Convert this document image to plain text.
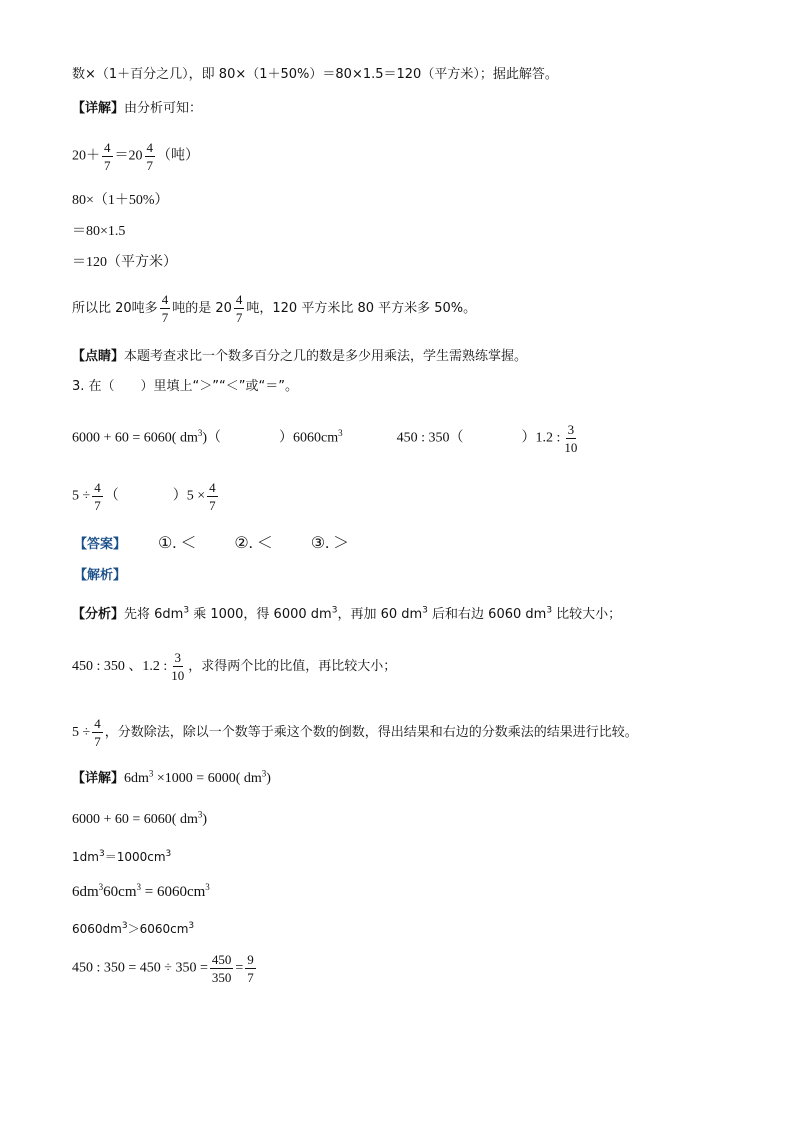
数×（1＋百分之几），即 80×（1＋50%）＝80×1.5＝120（平方米）；据此解答。
【详解】由分析可知：
$20+ \frac{4}{7} =20 \frac{4}{7}$ （吨）
80×（1＋50%）
＝80×1.5
＝120（平方米）
所以比 20吨多 $\frac{4}{7}$ 吨的是 $20 \frac{4}{7}$ 吨，120 平方米比 80 平方米多 50%。
【点睛】本题考查求比一个数多百分之几的数是多少用乘法，学生需熟练掌握。
3. 在（　　）里填上“＞”“＜”或“＝”。
6000 + 60 = 6060( $dm^3$)（	）$6060cm^3$	450 : 350（	）1.2 : $\frac{3}{10}$
$5 \div \frac{4}{7}$ （	）$5 \times \frac{4}{7}$
【答案】 ①. ＜ ②. ＜ ③. ＞
【解析】
【分析】先将 $6dm^3$ 乘 1000，得 6000 $dm^3$，再加 60 $dm^3$ 后和右边 6060 $dm^3$ 比较大小；
450 : 350 、1.2 : $\frac{3}{10}$ ，求得两个比的比值，再比较大小；
$5 \div \frac{4}{7}$ ，分数除法，除以一个数等于乘这个数的倒数，得出结果和右边的分数乘法的结果进行比较。
【详解】$6dm^3 \times 1000 = 6000$( $dm^3$)
6000 + 60 = 6060( $dm^3$)
$1dm^3=1000cm^3$
$6dm^360cm^3 = 6060cm^3$
$6060dm^3>6060cm^3$
450 : $350 = 450 \div 350 = \frac{450}{350} = \frac{9}{7}$
